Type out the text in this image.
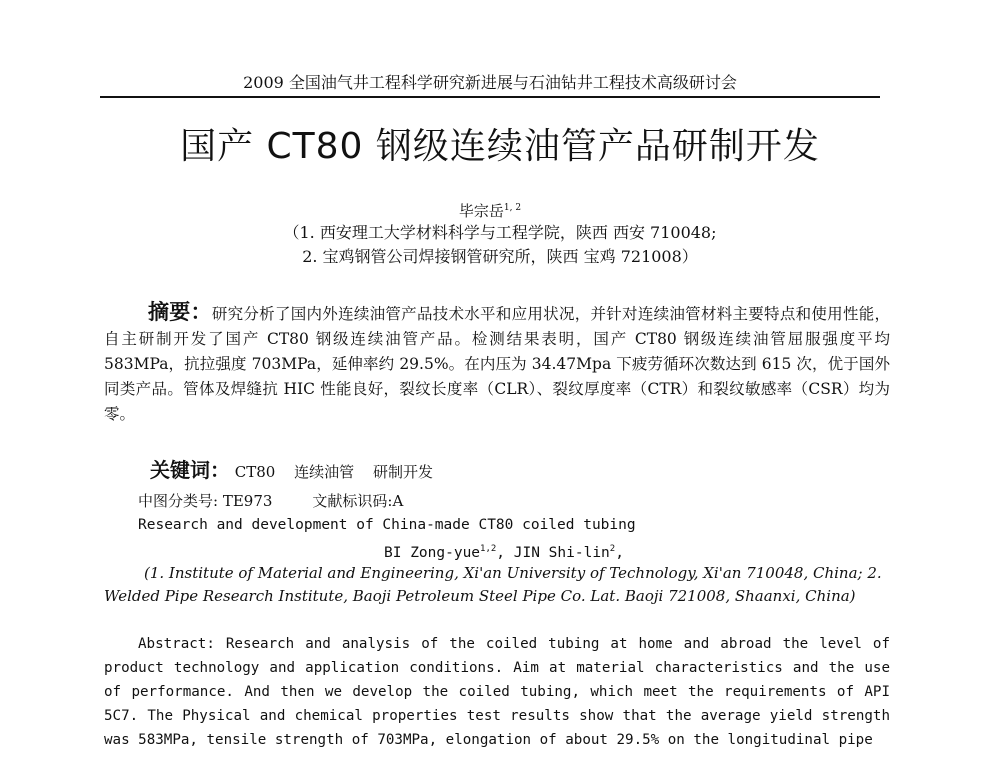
2009 全国油气井工程科学研究新进展与石油钻井工程技术高级研讨会
国产 CT80 钢级连续油管产品研制开发
毕宗岳$^{1, 2}$
（1. 西安理工大学材料科学与工程学院，陕西 西安 710048;
2. 宝鸡钢管公司焊接钢管研究所，陕西 宝鸡 721008）
摘要：研究分析了国内外连续油管产品技术水平和应用状况，并针对连续油管材料主要特点和使用性能，自主研制开发了国产 CT80 钢级连续油管产品。检测结果表明，国产 CT80 钢级连续油管屈服强度平均 583MPa，抗拉强度 703MPa，延伸率约 29.5%。在内压为 34.47Mpa 下疲劳循环次数达到 615 次，优于国外同类产品。管体及焊缝抗 HIC 性能良好，裂纹长度率（CLR）、裂纹厚度率（CTR）和裂纹敏感率（CSR）均为零。
关键词： CT80 连续油管 研制开发
中图分类号: TE973	文献标识码:A
Research and development of China-made CT80 coiled tubing
BI Zong-yue$^{1,2}$, JIN Shi-lin$^2$,
(1. Institute of Material and Engineering, Xi'an University of Technology, Xi'an 710048, China; 2. Welded Pipe Research Institute, Baoji Petroleum Steel Pipe Co. Lat. Baoji 721008, Shaanxi, China)
Abstract: Research and analysis of the coiled tubing at home and abroad the level of product technology and application conditions. Aim at material characteristics and the use of performance. And then we develop the coiled tubing, which meet the requirements of API 5C7. The Physical and chemical properties test results show that the average yield strength was 583MPa, tensile strength of 703MPa, elongation of about 29.5% on the longitudinal pipe
